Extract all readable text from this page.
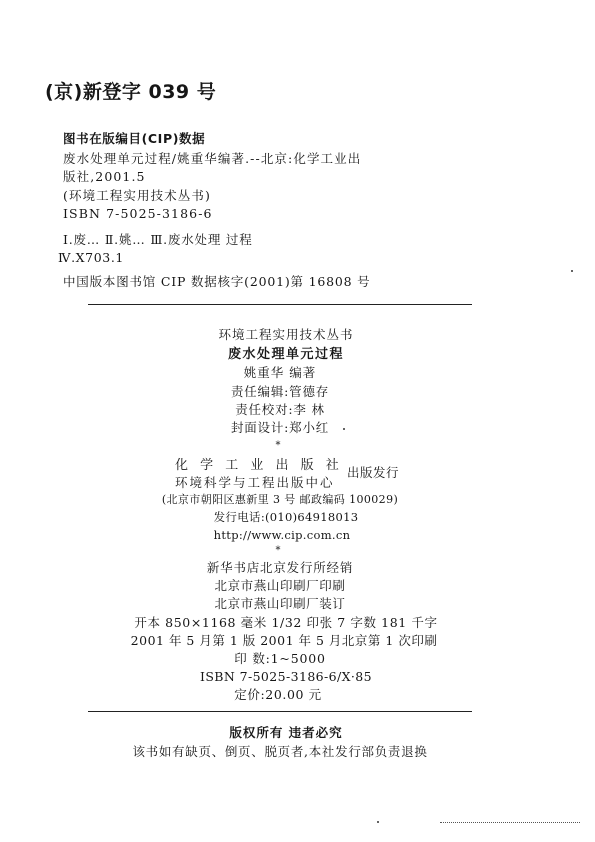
(京)新登字 039 号
图书在版编目(CIP)数据
废水处理单元过程/姚重华编著.--北京:化学工业出
版社,2001.5
(环境工程实用技术丛书)
ISBN 7-5025-3186-6
Ⅰ.废… Ⅱ.姚… Ⅲ.废水处理 过程
Ⅳ.X703.1
中国版本图书馆 CIP 数据核字(2001)第 16808 号
环境工程实用技术丛书
废水处理单元过程
姚重华 编著
责任编辑:管德存
责任校对:李 林
封面设计:郑小红
*
化 学 工 业 出 版 社 出版发行
环境科学与工程出版中心
(北京市朝阳区惠新里 3 号 邮政编码 100029)
发行电话:(010)64918013
http://www.cip.com.cn
*
新华书店北京发行所经销
北京市燕山印刷厂印刷
北京市燕山印刷厂装订
开本 850×1168 毫米 1/32 印张 7 字数 181 千字
2001 年 5 月第 1 版 2001 年 5 月北京第 1 次印刷
印 数:1~5000
ISBN 7-5025-3186-6/X·85
定价:20.00 元
版权所有 违者必究
该书如有缺页、倒页、脱页者,本社发行部负责退换
